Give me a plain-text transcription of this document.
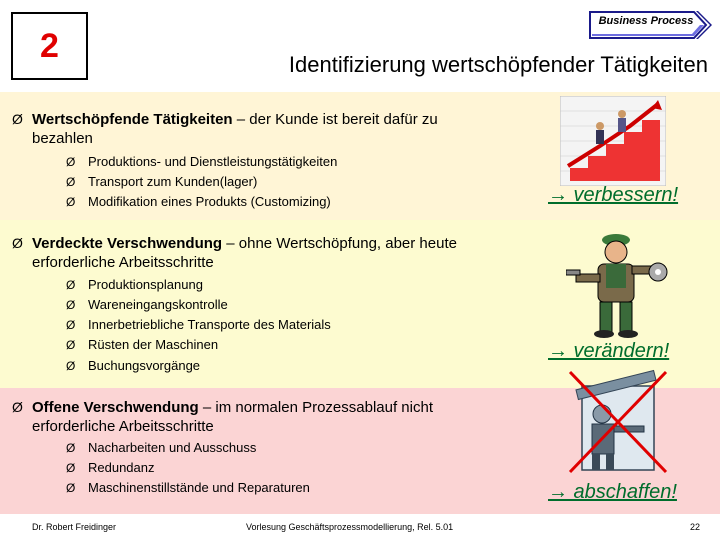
2
Business Process
Identifizierung wertschöpfender Tätigkeiten
Ø Wertschöpfende Tätigkeiten – der Kunde ist bereit dafür zu bezahlen
Ø Produktions- und Dienstleistungstätigkeiten
Ø Transport zum Kunden(lager)
Ø Modifikation eines Produkts (Customizing)	→ verbessern!
Ø Verdeckte Verschwendung – ohne Wertschöpfung, aber heute erforderliche Arbeitsschritte
Ø Produktionsplanung
Ø Wareneingangskontrolle
Ø Innerbetriebliche Transporte des Materials
Ø Rüsten der Maschinen
Ø Buchungsvorgänge
→ verändern!
Ø Offene Verschwendung – im normalen Prozessablauf nicht erforderliche Arbeitsschritte
Ø Nacharbeiten und Ausschuss
Ø Redundanz
Ø Maschinenstillstände und Reparaturen	→ abschaffen!
Dr. Robert Freidinger	Vorlesung Geschäftsprozessmodellierung, Rel. 5.01	22
